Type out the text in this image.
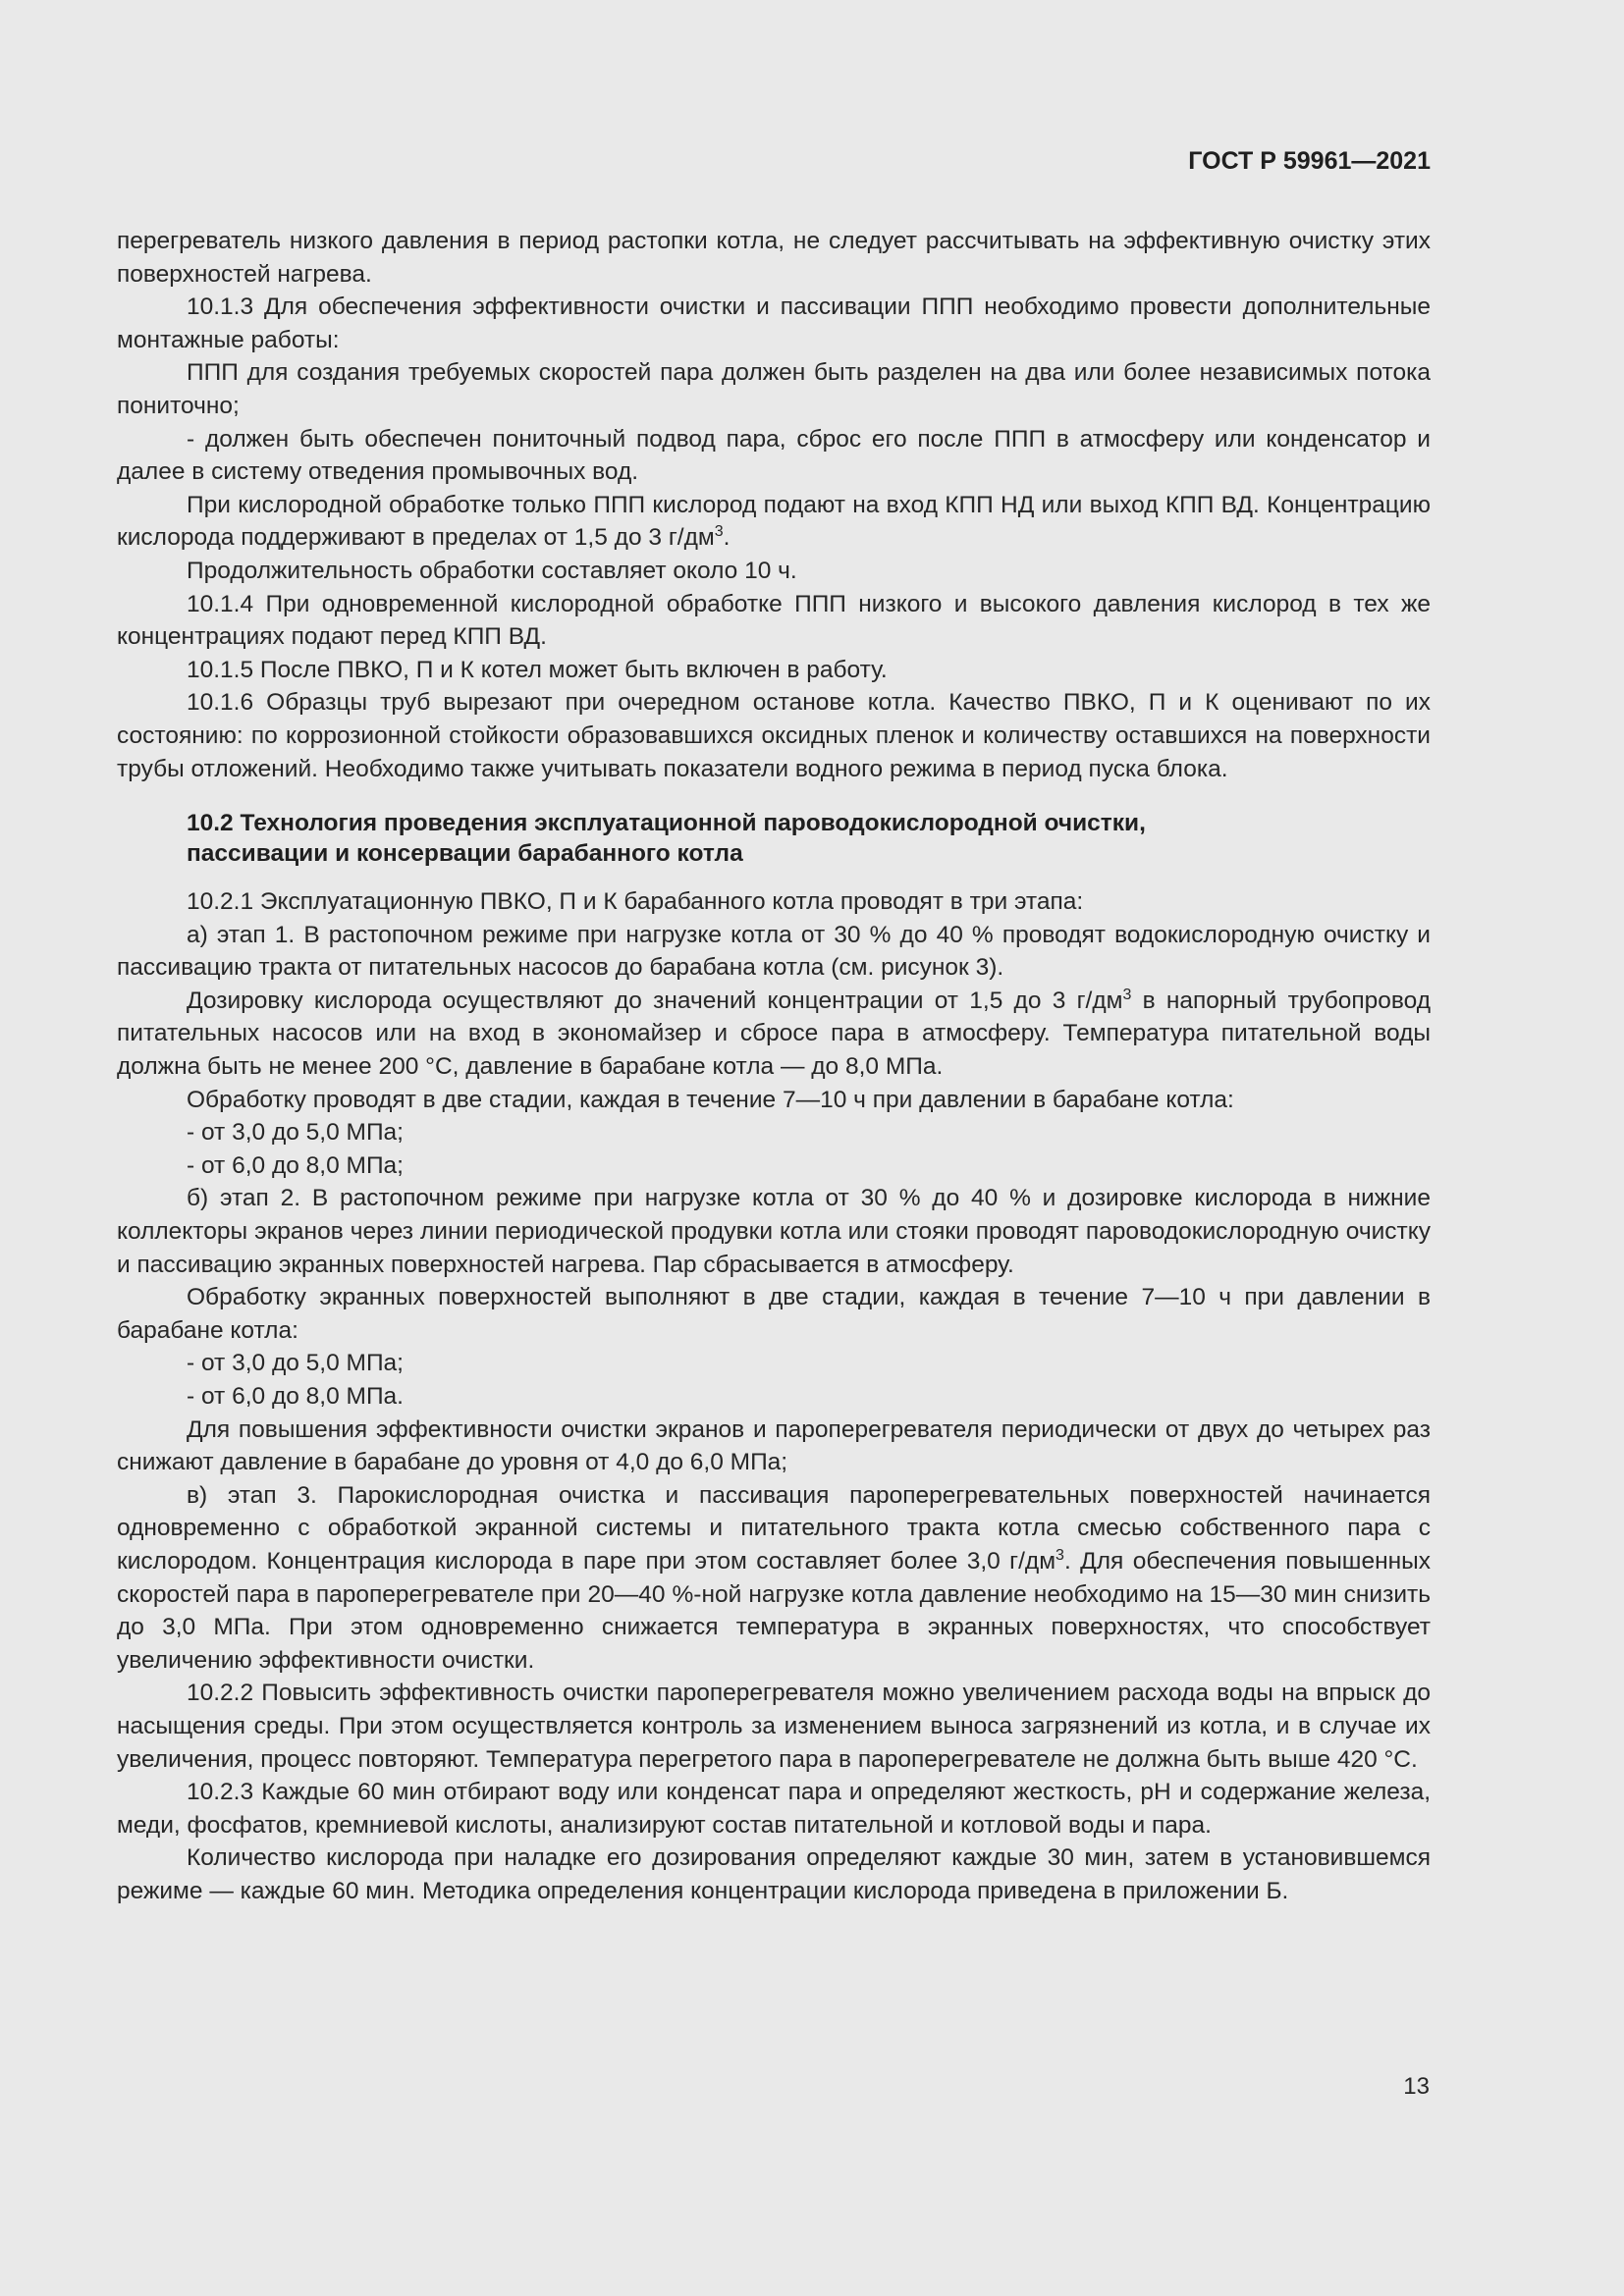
ГОСТ Р 59961—2021

перегреватель низкого давления в период растопки котла, не следует рассчитывать на эффективную очистку этих поверхностей нагрева.

10.1.3 Для обеспечения эффективности очистки и пассивации ППП необходимо провести дополнительные монтажные работы:

ППП для создания требуемых скоростей пара должен быть разделен на два или более независимых потока пониточно;

- должен быть обеспечен пониточный подвод пара, сброс его после ППП в атмосферу или конденсатор и далее в систему отведения промывочных вод.

При кислородной обработке только ППП кислород подают на вход КПП НД или выход КПП ВД. Концентрацию кислорода поддерживают в пределах от 1,5 до 3 $г/дм^3$.

Продолжительность обработки составляет около 10 ч.

10.1.4 При одновременной кислородной обработке ППП низкого и высокого давления кислород в тех же концентрациях подают перед КПП ВД.

10.1.5 После ПВКО, П и К котел может быть включен в работу.

10.1.6 Образцы труб вырезают при очередном останове котла. Качество ПВКО, П и К оценивают по их состоянию: по коррозионной стойкости образовавшихся оксидных пленок и количеству оставшихся на поверхности трубы отложений. Необходимо также учитывать показатели водного режима в период пуска блока.

10.2 Технология проведения эксплуатационной пароводокислородной очистки,
пассивации и консервации барабанного котла

10.2.1 Эксплуатационную ПВКО, П и К барабанного котла проводят в три этапа:

а) этап 1. В растопочном режиме при нагрузке котла от 30 % до 40 % проводят водокислородную очистку и пассивацию тракта от питательных насосов до барабана котла (см. рисунок 3).

Дозировку кислорода осуществляют до значений концентрации от 1,5 до 3 $г/дм^3$ в напорный трубопровод питательных насосов или на вход в экономайзер и сбросе пара в атмосферу. Температура питательной воды должна быть не менее 200 °С, давление в барабане котла — до 8,0 МПа.

Обработку проводят в две стадии, каждая в течение 7—10 ч при давлении в барабане котла:

- от 3,0 до 5,0 МПа;

- от 6,0 до 8,0 МПа;

б) этап 2. В растопочном режиме при нагрузке котла от 30 % до 40 % и дозировке кислорода в нижние коллекторы экранов через линии периодической продувки котла или стояки проводят пароводокислородную очистку и пассивацию экранных поверхностей нагрева. Пар сбрасывается в атмосферу.

Обработку экранных поверхностей выполняют в две стадии, каждая в течение 7—10 ч при давлении в барабане котла:

- от 3,0 до 5,0 МПа;

- от 6,0 до 8,0 МПа.

Для повышения эффективности очистки экранов и пароперегревателя периодически от двух до четырех раз снижают давление в барабане до уровня от 4,0 до 6,0 МПа;

в) этап 3. Парокислородная очистка и пассивация пароперегревательных поверхностей начинается одновременно с обработкой экранной системы и питательного тракта котла смесью собственного пара с кислородом. Концентрация кислорода в паре при этом составляет более 3,0 $г/дм^3$. Для обеспечения повышенных скоростей пара в пароперегревателе при 20—40 %-ной нагрузке котла давление необходимо на 15—30 мин снизить до 3,0 МПа. При этом одновременно снижается температура в экранных поверхностях, что способствует увеличению эффективности очистки.

10.2.2 Повысить эффективность очистки пароперегревателя можно увеличением расхода воды на впрыск до насыщения среды. При этом осуществляется контроль за изменением выноса загрязнений из котла, и в случае их увеличения, процесс повторяют. Температура перегретого пара в пароперегревателе не должна быть выше 420 °С.

10.2.3 Каждые 60 мин отбирают воду или конденсат пара и определяют жесткость, рН и содержание железа, меди, фосфатов, кремниевой кислоты, анализируют состав питательной и котловой воды и пара.

Количество кислорода при наладке его дозирования определяют каждые 30 мин, затем в установившемся режиме — каждые 60 мин. Методика определения концентрации кислорода приведена в приложении Б.

13
